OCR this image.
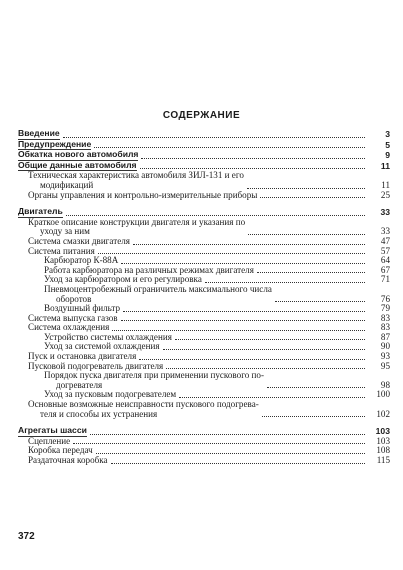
СОДЕРЖАНИЕ
Введение	3
Предупреждение	5
Обкатка нового автомобиля	9
Общие данные автомобиля	11
Техническая характеристика автомобиля ЗИЛ-131 и его
модификаций	11
Органы управления и контрольно-измерительные приборы	25
Двигатель	33
Краткое описание конструкции двигателя и указания по
уходу за ним	33
Система смазки двигателя	47
Система питания	57
Карбюратор К-88А	64
Работа карбюратора на различных режимах двигателя	67
Уход за карбюратором и его регулировка	71
Пневмоцентробежный ограничитель максимального числа
оборотов	76
Воздушный фильтр	79
Система выпуска газов	83
Система охлаждения	83
Устройство системы охлаждения	87
Уход за системой охлаждения	90
Пуск и остановка двигателя	93
Пусковой подогреватель двигателя	95
Порядок пуска двигателя при применении пускового по-
догревателя	98
Уход за пусковым подогревателем	100
Основные возможные неисправности пускового подогрева-
теля и способы их устранения	102
Агрегаты шасси	103
Сцепление	103
Коробка передач	108
Раздаточная коробка	115
372
